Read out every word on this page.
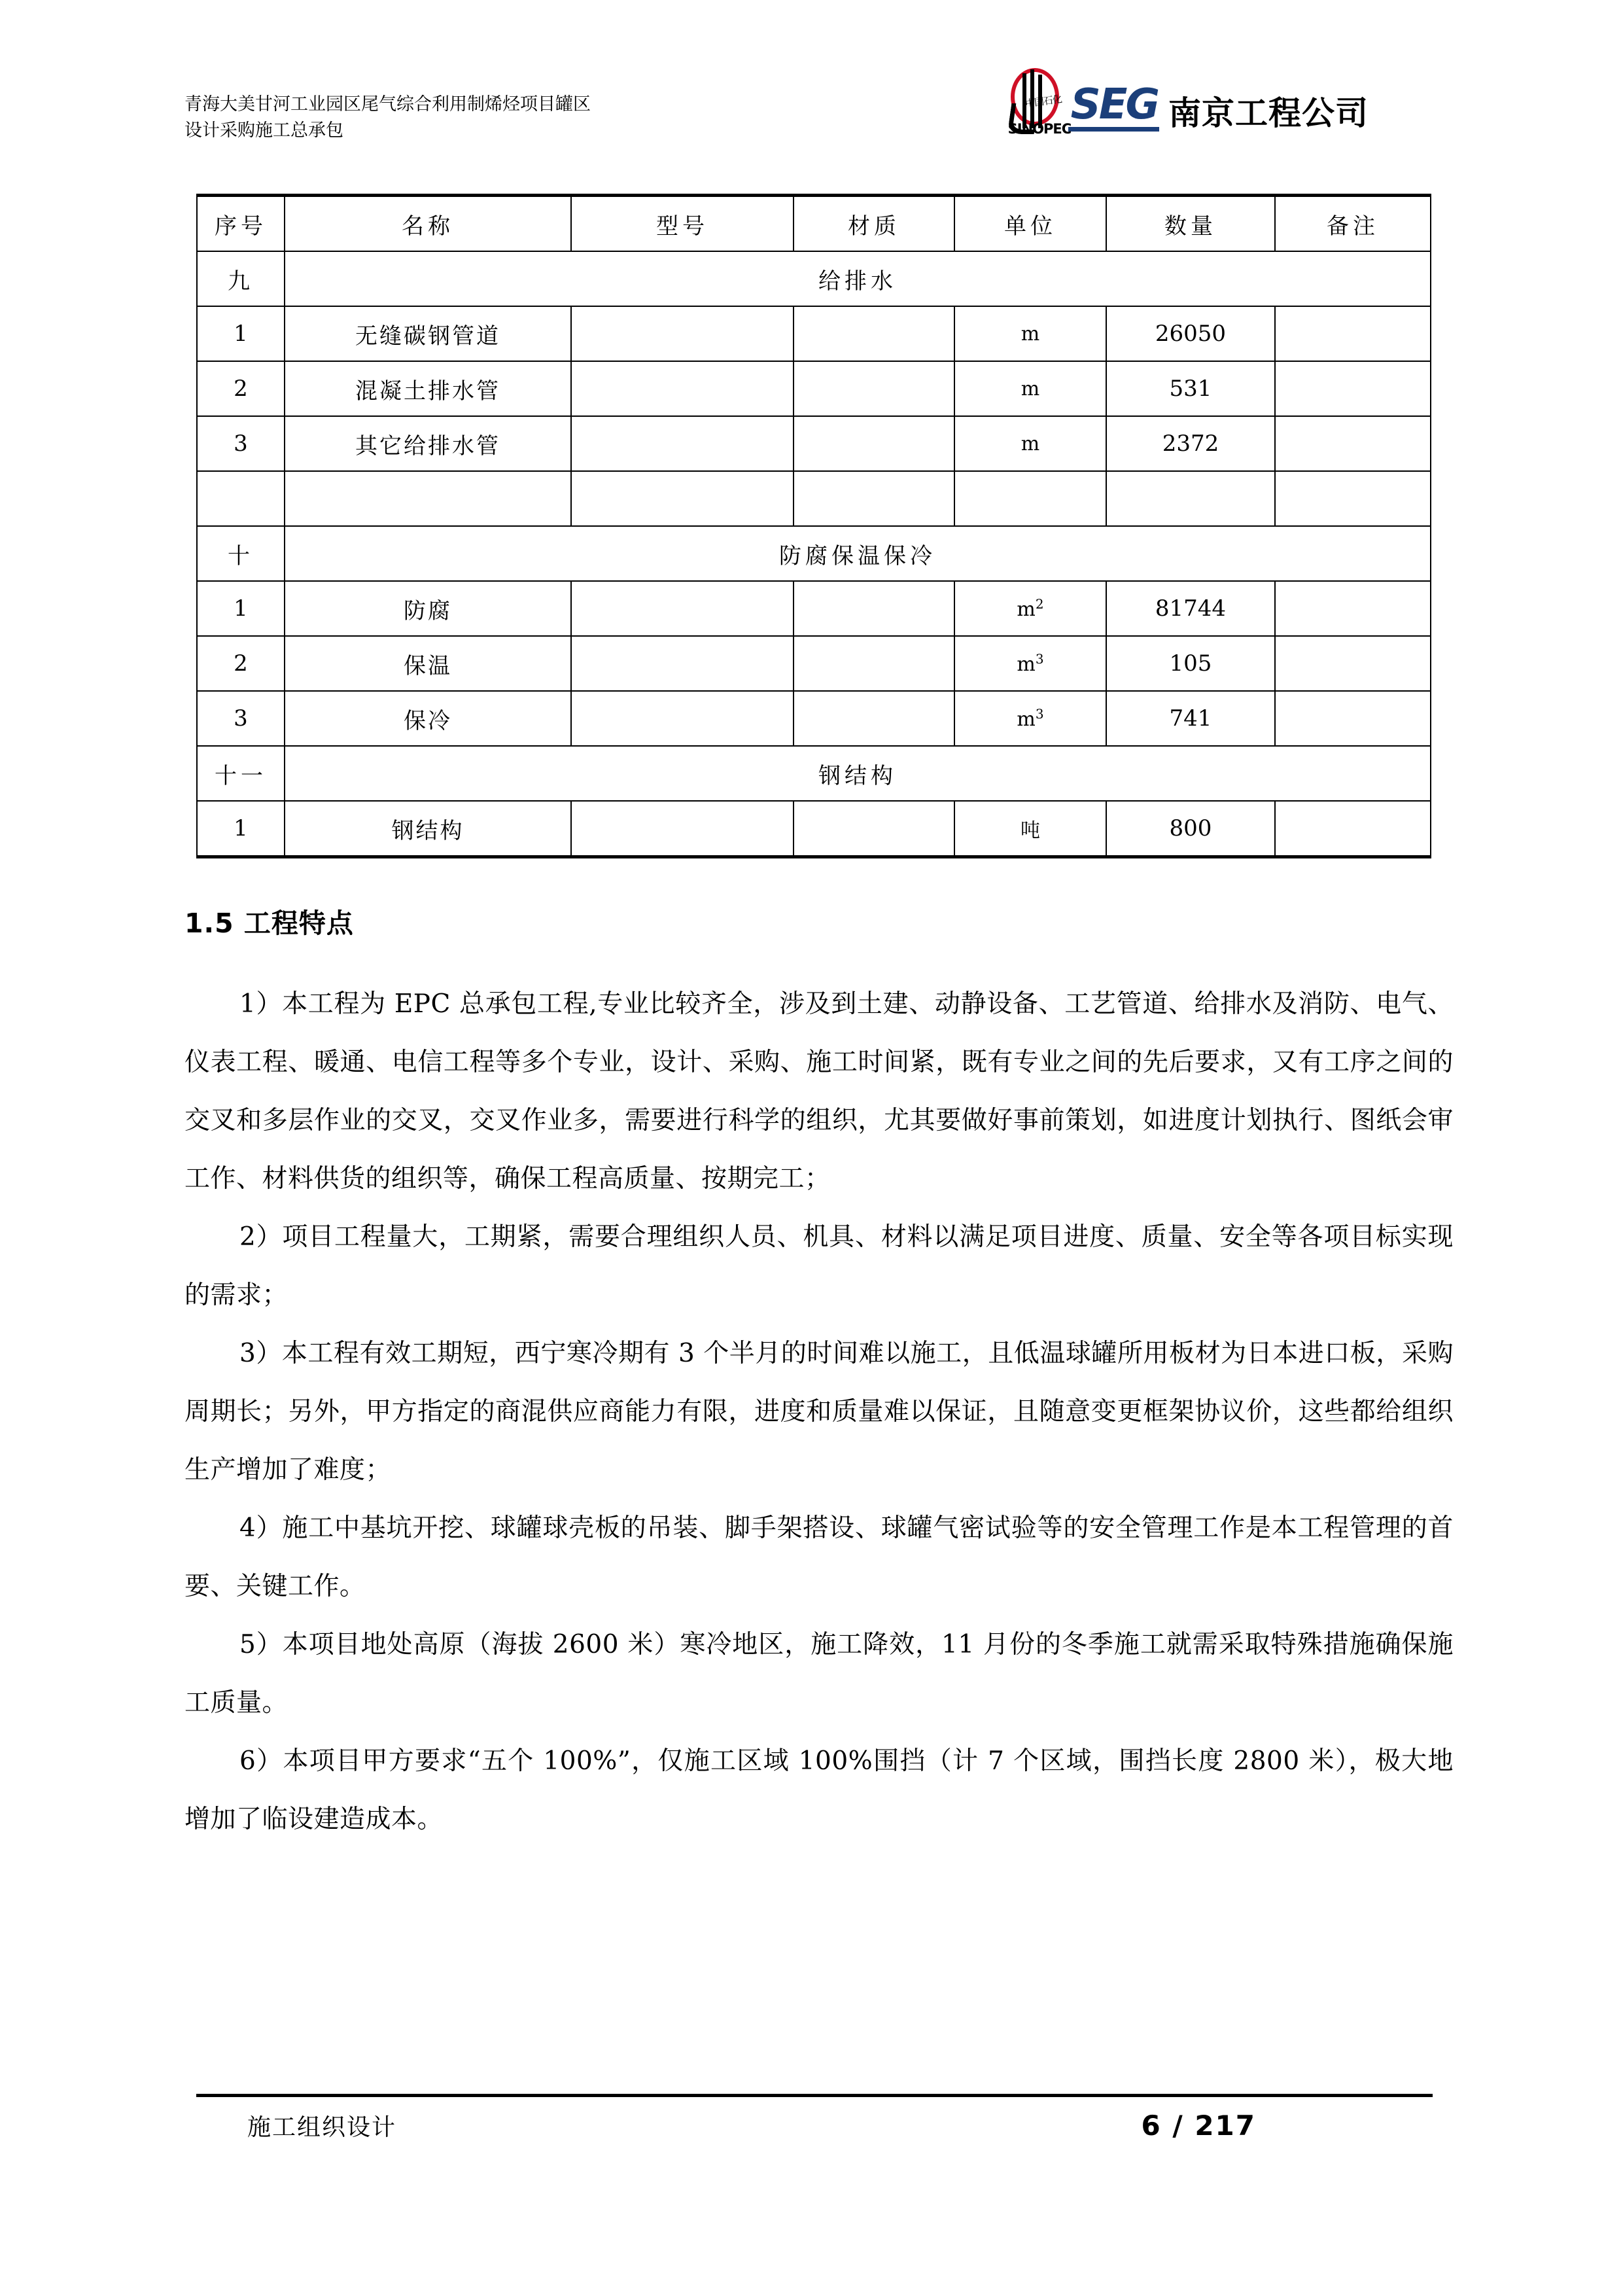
青海大美甘河工业园区尾气综合利用制烯烃项目罐区
设计采购施工总承包
中国石化
SINOPEC SEG 南京工程公司
序号	名称	型号	材质	单位	数量	备注
九	给排水					
1	无缝碳钢管道			m	26050	
2	混凝土排水管			m	531	
3	其它给排水管			m	2372	

十	防腐保温保冷					
1	防腐			$m^2$	81744	
2	保温			$m^3$	105	
3	保冷			$m^3$	741	
十一	钢结构					
1	钢结构			吨	800	
1.5 工程特点

1）本工程为 EPC 总承包工程,专业比较齐全，涉及到土建、动静设备、工艺管道、给排水及消防、电气、仪表工程、暖通、电信工程等多个专业，设计、采购、施工时间紧，既有专业之间的先后要求，又有工序之间的交叉和多层作业的交叉，交叉作业多，需要进行科学的组织，尤其要做好事前策划，如进度计划执行、图纸会审工作、材料供货的组织等，确保工程高质量、按期完工；

2）项目工程量大，工期紧，需要合理组织人员、机具、材料以满足项目进度、质量、安全等各项目标实现的需求；

3）本工程有效工期短，西宁寒冷期有 3 个半月的时间难以施工，且低温球罐所用板材为日本进口板，采购周期长；另外，甲方指定的商混供应商能力有限，进度和质量难以保证，且随意变更框架协议价，这些都给组织生产增加了难度；

4）施工中基坑开挖、球罐球壳板的吊装、脚手架搭设、球罐气密试验等的安全管理工作是本工程管理的首要、关键工作。

5）本项目地处高原（海拔 2600 米）寒冷地区，施工降效，11 月份的冬季施工就需采取特殊措施确保施工质量。

6）本项目甲方要求“五个 100%”，仅施工区域 100%围挡（计 7 个区域，围挡长度 2800 米），极大地增加了临设建造成本。

施工组织设计	6 / 217
